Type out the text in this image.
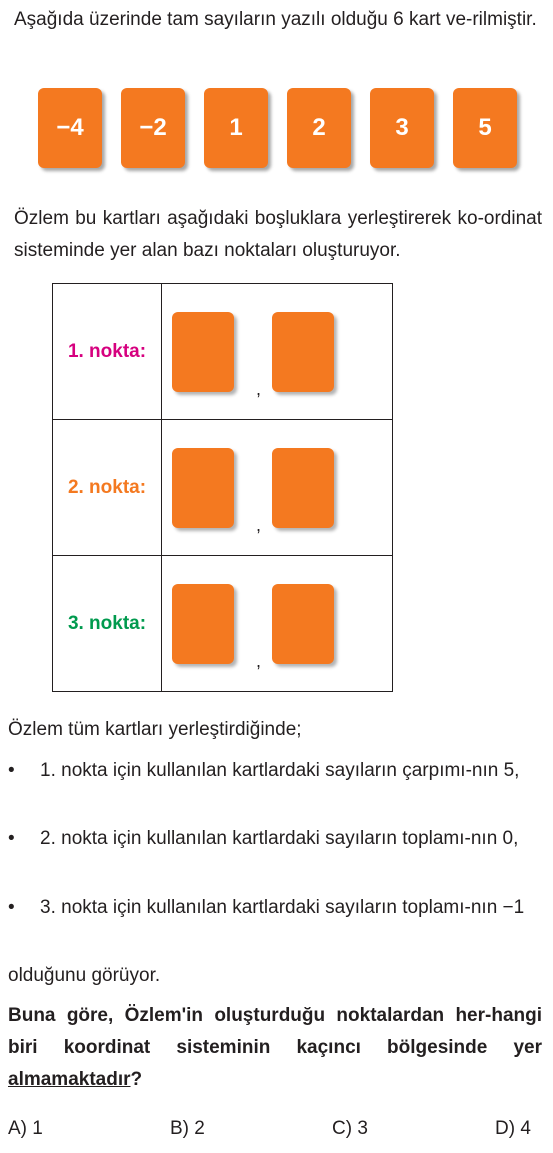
Aşağıda üzerinde tam sayıların yazılı olduğu 6 kart ve-rilmiştir.
−4	−2	1	2	3	5
Özlem bu kartları aşağıdaki boşluklara yerleştirerek ko-ordinat sisteminde yer alan bazı noktaları oluşturuyor.
1. nokta:	,

2. nokta:	,

3. nokta:	,
Özlem tüm kartları yerleştirdiğinde;
• 1. nokta için kullanılan kartlardaki sayıların çarpımı-nın 5,
• 2. nokta için kullanılan kartlardaki sayıların toplamı-nın 0,
• 3. nokta için kullanılan kartlardaki sayıların toplamı-nın −1
olduğunu görüyor.
Buna göre, Özlem'in oluşturduğu noktalardan her-hangi biri koordinat sisteminin kaçıncı bölgesinde yer almamaktadır?
A) 1	B) 2	C) 3	D) 4
